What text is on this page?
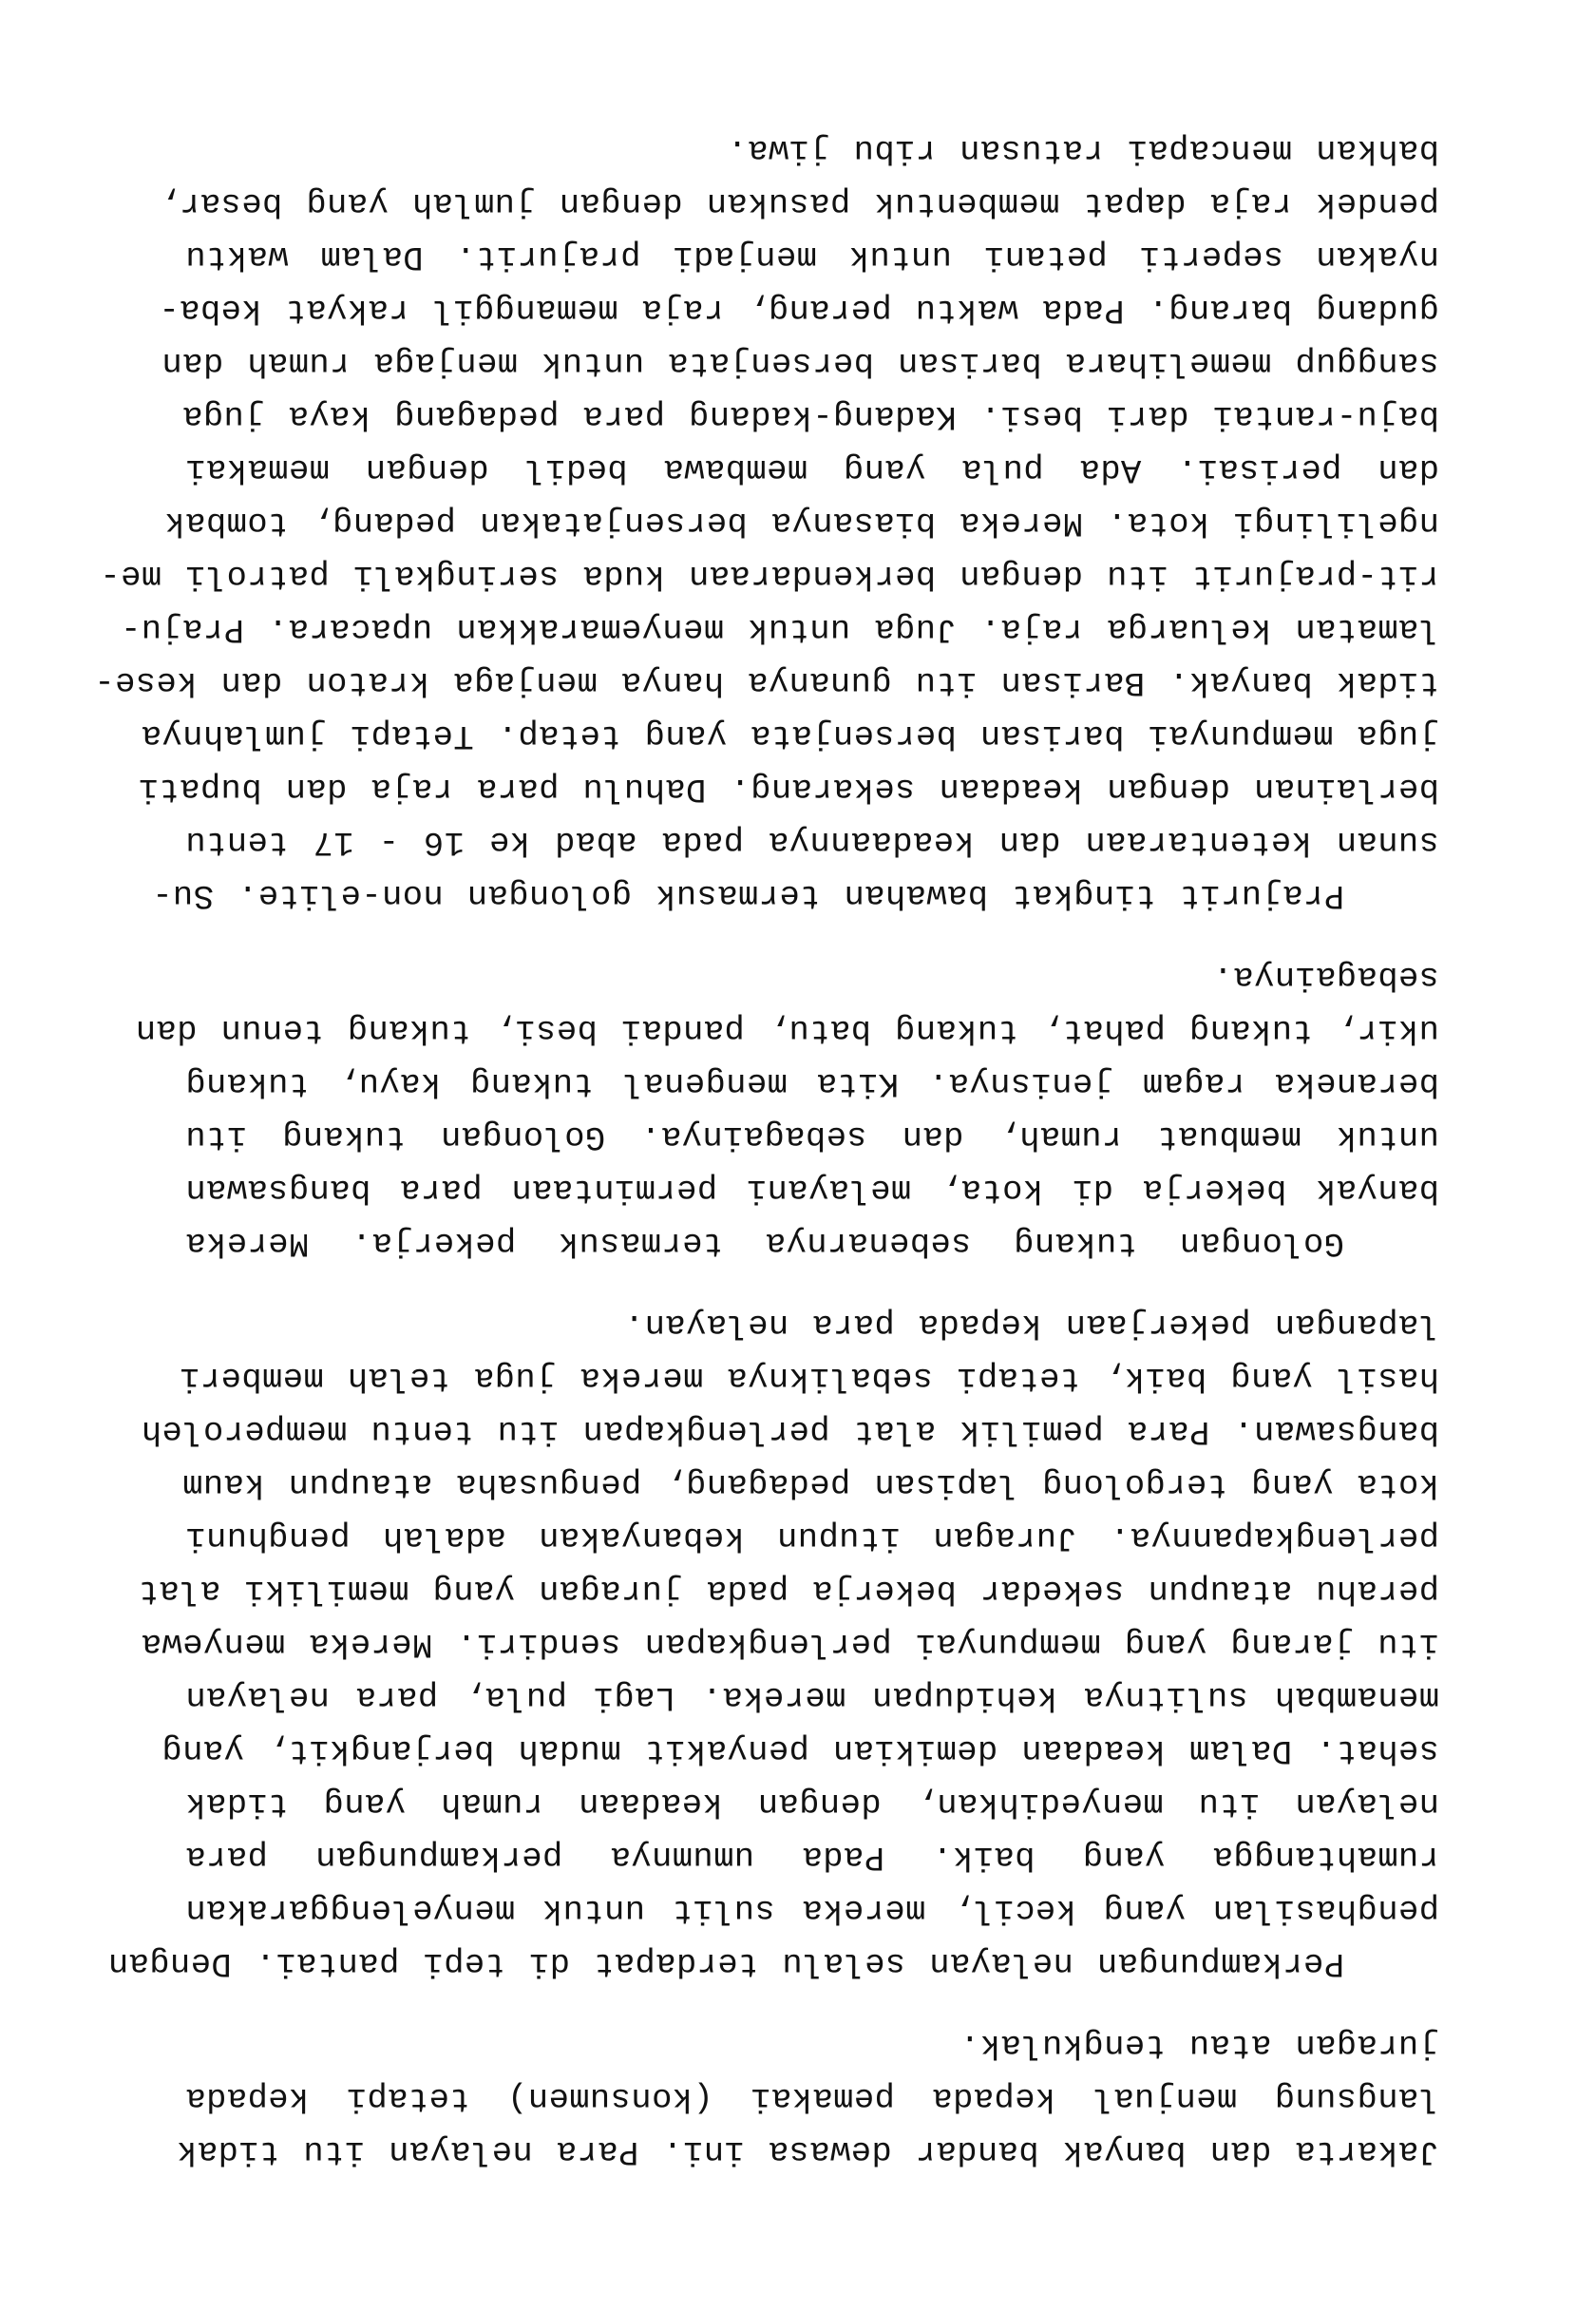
Jakarta dan banyak bandar dewasa ini. Para nelayan itu tidak
langsung menjual kepada pemakai (konsumen) tetapi kepada
juragan atau tengkulak.
Perkampungan nelayan selalu terdapat di tepi pantai. Dengan
penghasilan yang kecil, mereka sulit untuk menyelenggarakan
rumahtangga yang baik. Pada umumnya perkampungan para
nelayan itu menyedihkan, dengan keadaan rumah yang tidak
sehat. Dalam keadaan demikian penyakit mudah berjangkit, yang
menambah sulitnya kehidupan mereka. Lagi pula, para nelayan
itu jarang yang mempunyai perlengkapan sendiri. Mereka menyewa
perahu ataupun sekedar bekerja pada juragan yang memiliki alat
perlengkapannya. Juragan itupun kebanyakan adalah penghuni
kota yang tergolong lapisan pedagang, pengusaha ataupun kaum
bangsawan. Para pemilik alat perlengkapan itu tentu memperoleh
hasil yang baik, tetapi sebaliknya mereka juga telah memberi
lapangan pekerjaan kepada para nelayan.
Golongan tukang sebenarnya termasuk pekerja. Mereka
banyak bekerja di kota, melayani permintaan para bangsawan
untuk membuat rumah, dan sebagainya. Golongan tukang itu
beraneka ragam jenisnya. Kita mengenal tukang kayu, tukang
ukir, tukang pahat, tukang batu, pandai besi, tukang tenun dan
sebagainya.
Prajurit tingkat bawahan termasuk golongan non-elite. Su-
sunan ketentaraan dan keadaannya pada abad ke 16 - 17 tentu
berlainan dengan keadaan sekarang. Dahulu para raja dan bupati
juga mempunyai barisan bersenjata yang tetap. Tetapi jumlahnya
tidak banyak. Barisan itu gunanya hanya menjaga kraton dan kese-
lamatan keluarga raja. Juga untuk menyemarakkan upacara. Praju-
rit-prajurit itu dengan berkendaraan kuda seringkali patroli me-
ngelilingi kota. Mereka biasanya bersenjatakan pedang, tombak
dan perisai. Ada pula yang membawa bedil dengan memakai
baju-rantai dari besi. Kadang-kadang para pedagang kaya juga
sanggup memelihara barisan bersenjata untuk menjaga rumah dan
gudang barang. Pada waktu perang, raja memanggil rakyat keba-
nyakan seperti petani untuk menjadi prajurit. Dalam waktu
pendek raja dapat membentuk pasukan dengan jumlah yang besar,
bahkan mencapai ratusan ribu jiwa.
